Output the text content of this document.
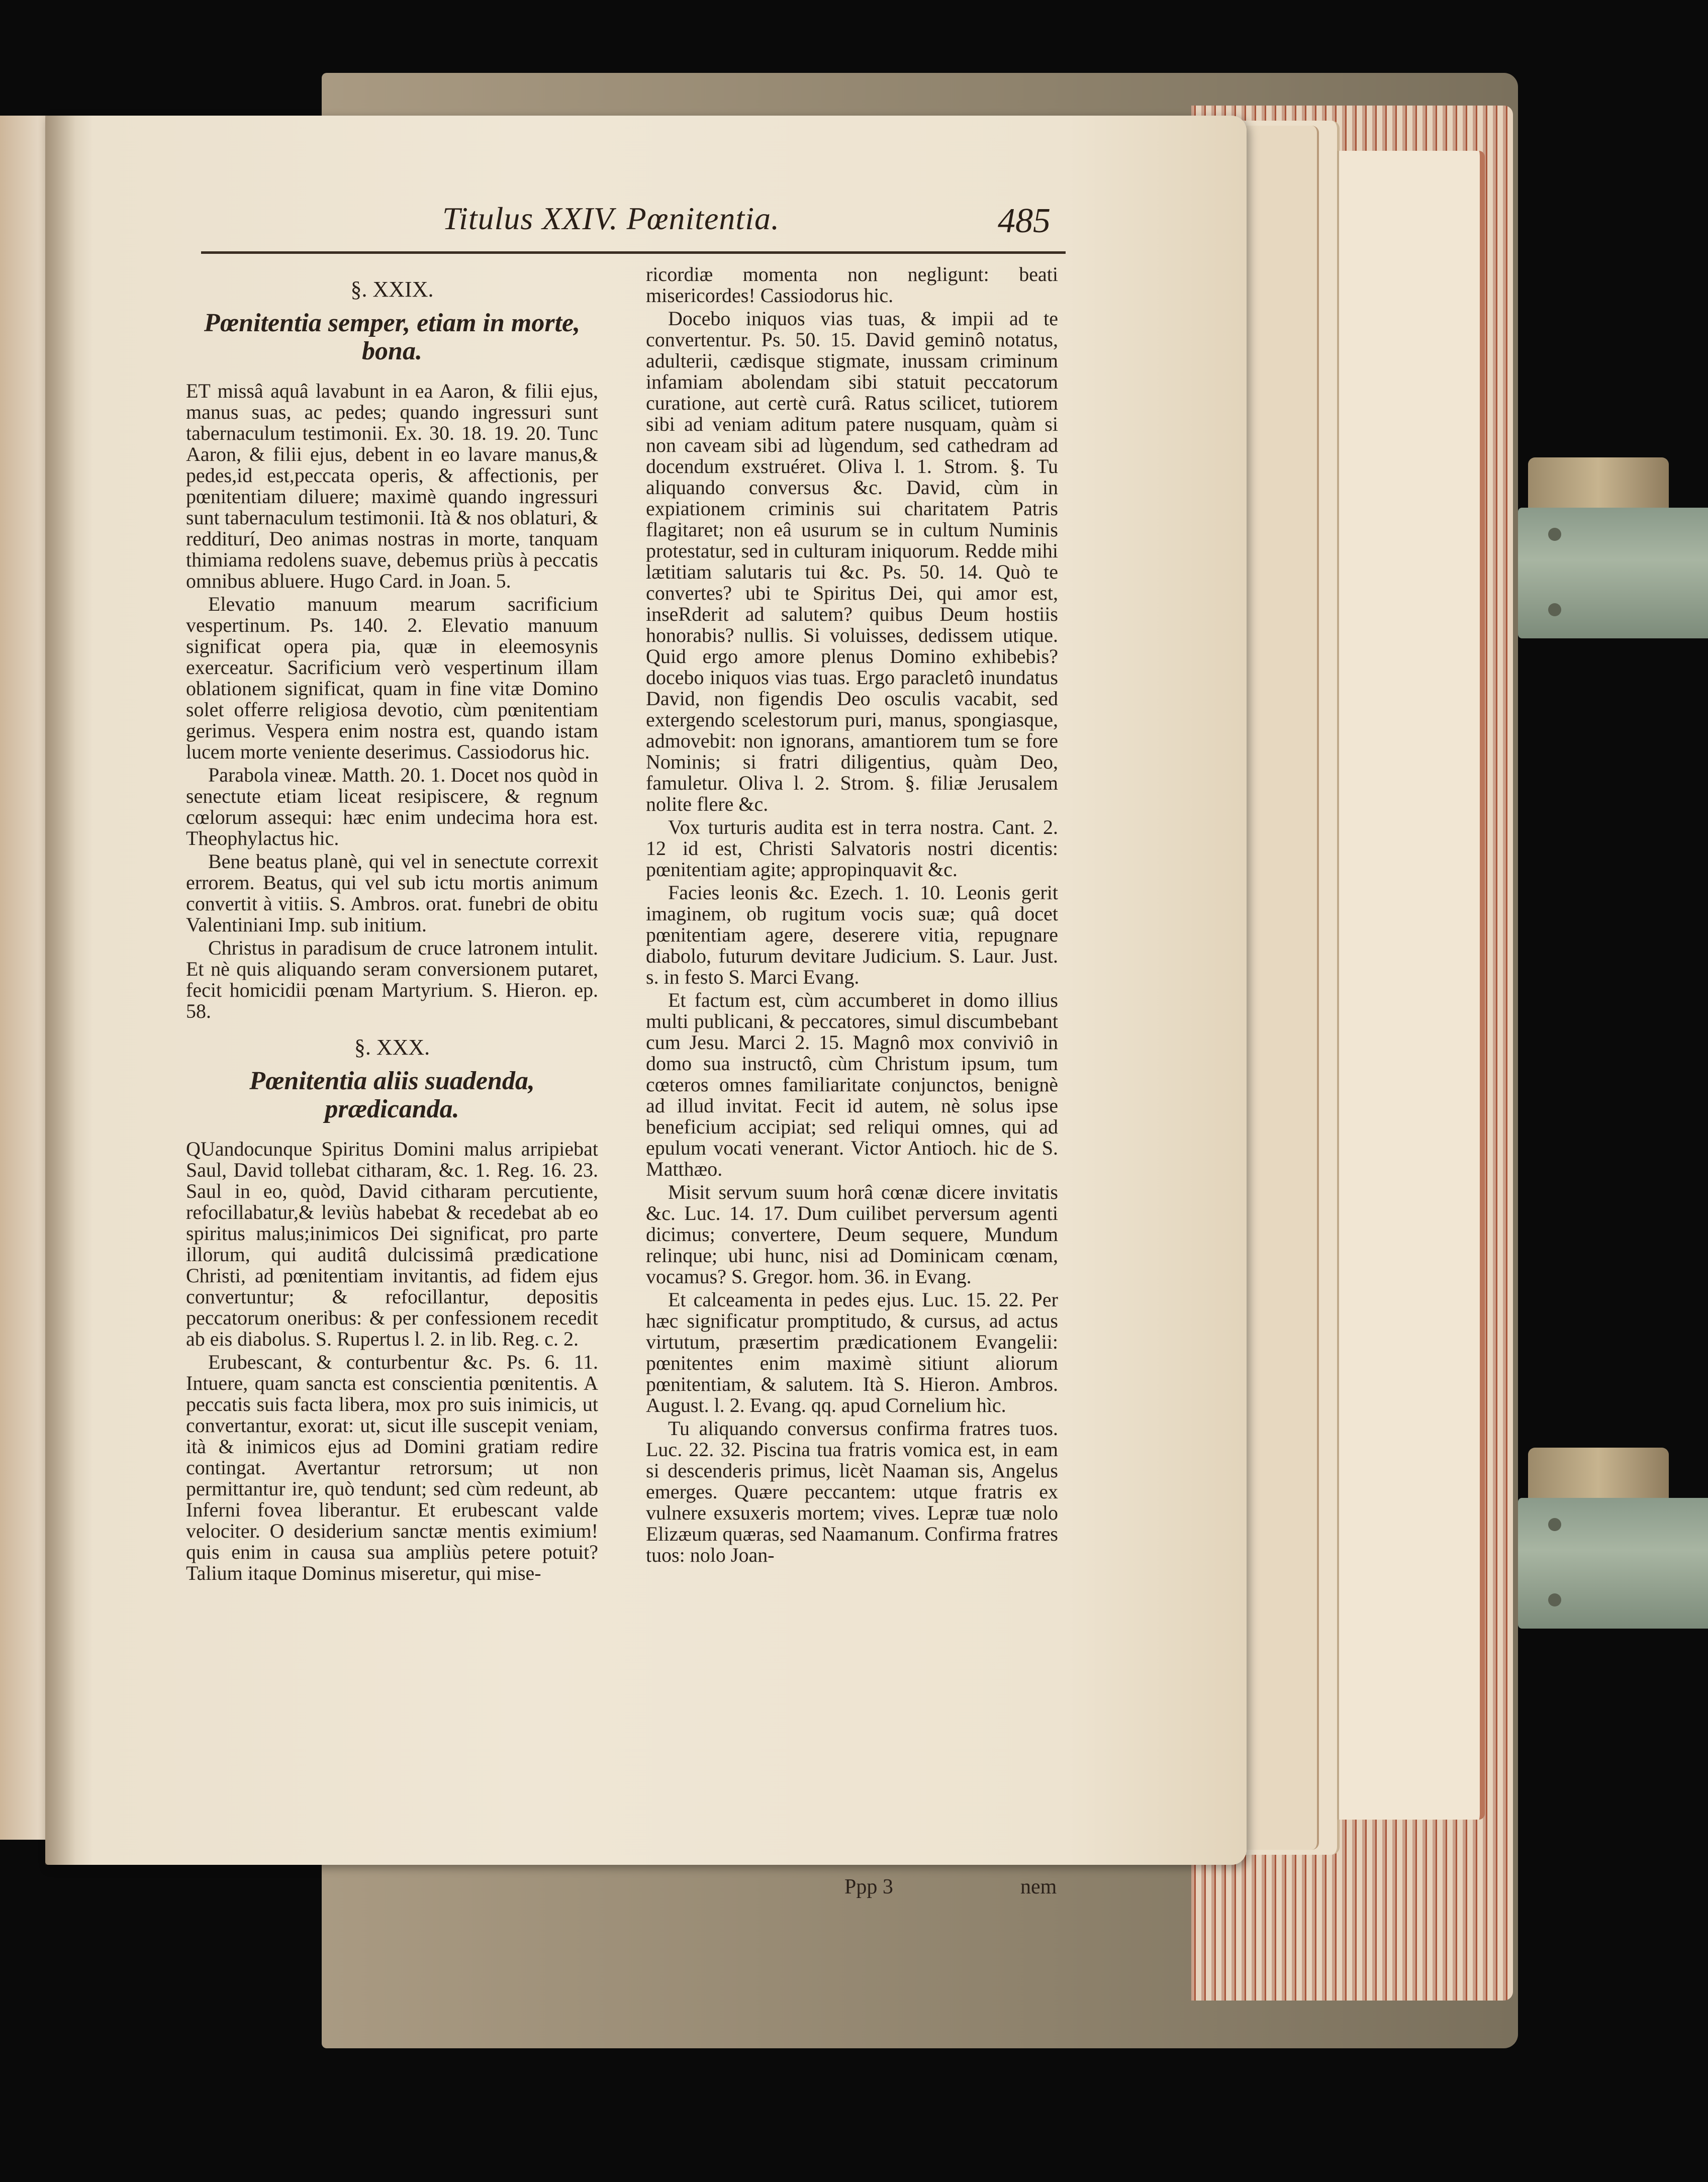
Titulus XXIV. Pœnitentia.	485
§. XXIX.
Pœnitentia semper, etiam in morte, bona.

ET missâ aquâ lavabunt in ea Aaron, & filii ejus, manus suas, ac pedes; quando ingressuri sunt tabernaculum testimonii. Ex. 30. 18. 19. 20. Tunc Aaron, & filii ejus, debent in eo lavare manus,& pedes,id est,peccata operis, & affectionis, per pœnitentiam diluere; maximè quando ingressuri sunt tabernaculum testimonii. Ità & nos oblaturi, & redditurí, Deo animas nostras in morte, tanquam thimiama redolens suave, debemus priùs à peccatis omnibus abluere. Hugo Card. in Joan. 5.

Elevatio manuum mearum sacrificium vespertinum. Ps. 140. 2. Elevatio manuum significat opera pia, quæ in eleemosynis exerceatur. Sacrificium verò vespertinum illam oblationem significat, quam in fine vitæ Domino solet offerre religiosa devotio, cùm pœnitentiam gerimus. Vespera enim nostra est, quando istam lucem morte veniente deserimus. Cassiodorus hic.

Parabola vineæ. Matth. 20. 1. Docet nos quòd in senectute etiam liceat resipiscere, & regnum cœlorum assequi: hæc enim undecima hora est. Theophylactus hic.

Bene beatus planè, qui vel in senectute correxit errorem. Beatus, qui vel sub ictu mortis animum convertit à vitiis. S. Ambros. orat. funebri de obitu Valentiniani Imp. sub initium.

Christus in paradisum de cruce latronem intulit. Et nè quis aliquando seram conversionem putaret, fecit homicidii pœnam Martyrium. S. Hieron. ep. 58.

§. XXX.
Pœnitentia aliis suadenda, prædicanda.

QUandocunque Spiritus Domini malus arripiebat Saul, David tollebat citharam, &c. 1. Reg. 16. 23. Saul in eo, quòd, David citharam percutiente, refocillabatur,& leviùs habebat & recedebat ab eo spiritus malus;inimicos Dei significat, pro parte illorum, qui auditâ dulcissimâ prædicatione Christi, ad pœnitentiam invitantis, ad fidem ejus convertuntur; & refocillantur, depositis peccatorum oneribus: & per confessionem recedit ab eis diabolus. S. Rupertus l. 2. in lib. Reg. c. 2.

Erubescant, & conturbentur &c. Ps. 6. 11. Intuere, quam sancta est conscientia pœnitentis. A peccatis suis facta libera, mox pro suis inimicis, ut convertantur, exorat: ut, sicut ille suscepit veniam, ità & inimicos ejus ad Domini gratiam redire contingat. Avertantur retrorsum; ut non permittantur ire, quò tendunt; sed cùm redeunt, ab Inferni fovea liberantur. Et erubescant valde velociter. O desiderium sanctæ mentis eximium! quis enim in causa sua ampliùs petere potuit? Talium itaque Dominus miseretur, qui mise-

ricordiæ momenta non negligunt: beati misericordes! Cassiodorus hic.

Docebo iniquos vias tuas, & impii ad te convertentur. Ps. 50. 15. David geminô notatus, adulterii, cædisque stigmate, inussam criminum infamiam abolendam sibi statuit peccatorum curatione, aut certè curâ. Ratus scilicet, tutiorem sibi ad veniam aditum patere nusquam, quàm si non caveam sibi ad lùgendum, sed cathedram ad docendum exstruéret. Oliva l. 1. Strom. §. Tu aliquando conversus &c. David, cùm in expiationem criminis sui charitatem Patris flagitaret; non eâ usurum se in cultum Numinis protestatur, sed in culturam iniquorum. Redde mihi lætitiam salutaris tui &c. Ps. 50. 14. Quò te convertes? ubi te Spiritus Dei, qui amor est, inseRderit ad salutem? quibus Deum hostiis honorabis? nullis. Si voluisses, dedissem utique. Quid ergo amore plenus Domino exhibebis? docebo iniquos vias tuas. Ergo paracletô inundatus David, non figendis Deo osculis vacabit, sed extergendo scelestorum puri, manus, spongiasque, admovebit: non ignorans, amantiorem tum se fore Nominis; si fratri diligentius, quàm Deo, famuletur. Oliva l. 2. Strom. §. filiæ Jerusalem nolite flere &c.

Vox turturis audita est in terra nostra. Cant. 2. 12 id est, Christi Salvatoris nostri dicentis: pœnitentiam agite; appropinquavit &c.

Facies leonis &c. Ezech. 1. 10. Leonis gerit imaginem, ob rugitum vocis suæ; quâ docet pœnitentiam agere, deserere vitia, repugnare diabolo, futurum devitare Judicium. S. Laur. Just. s. in festo S. Marci Evang.

Et factum est, cùm accumberet in domo illius multi publicani, & peccatores, simul discumbebant cum Jesu. Marci 2. 15. Magnô mox conviviô in domo sua instructô, cùm Christum ipsum, tum cœteros omnes familiaritate conjunctos, benignè ad illud invitat. Fecit id autem, nè solus ipse beneficium accipiat; sed reliqui omnes, qui ad epulum vocati venerant. Victor Antioch. hic de S. Matthæo.

Misit servum suum horâ cœnæ dicere invitatis &c. Luc. 14. 17. Dum cuilibet perversum agenti dicimus; convertere, Deum sequere, Mundum relinque; ubi hunc, nisi ad Dominicam cœnam, vocamus? S. Gregor. hom. 36. in Evang.

Et calceamenta in pedes ejus. Luc. 15. 22. Per hæc significatur promptitudo, & cursus, ad actus virtutum, præsertim prædicationem Evangelii: pœnitentes enim maximè sitiunt aliorum pœnitentiam, & salutem. Ità S. Hieron. Ambros. August. l. 2. Evang. qq. apud Cornelium hìc.

Tu aliquando conversus confirma fratres tuos. Luc. 22. 32. Piscina tua fratris vomica est, in eam si descenderis primus, licèt Naaman sis, Angelus emerges. Quære peccantem: utque fratris ex vulnere exsuxeris mortem; vives. Lepræ tuæ nolo Elizæum quæras, sed Naamanum. Confirma fratres tuos: nolo Joan-

Ppp 3	nem
